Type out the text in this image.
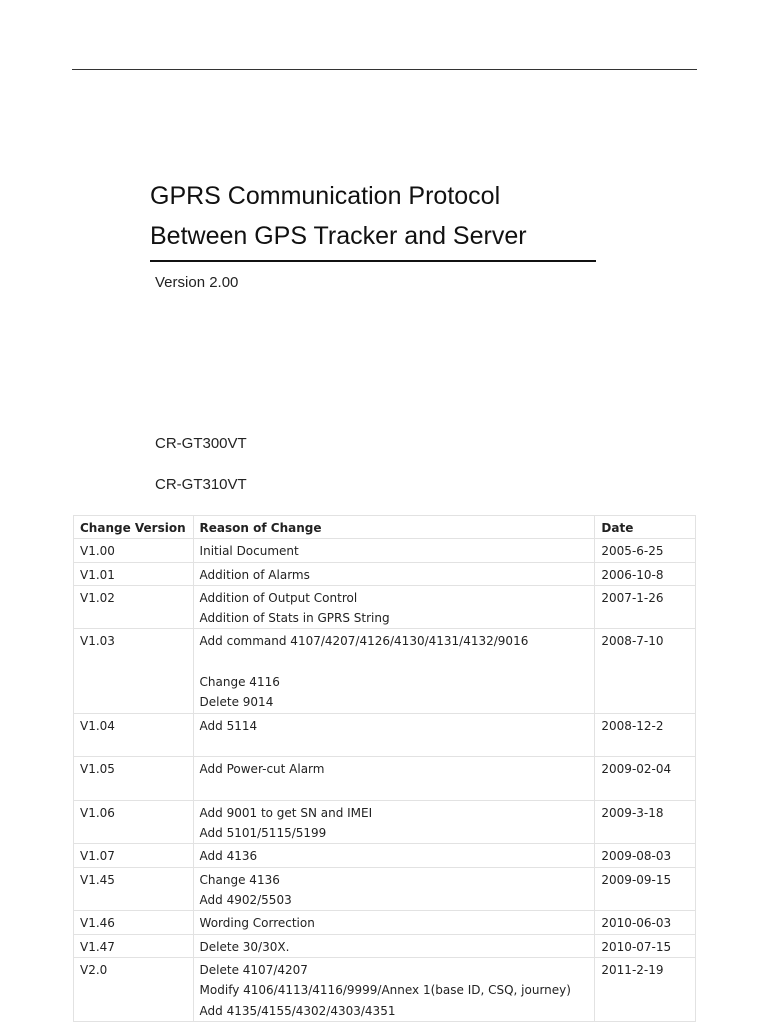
GPRS Communication Protocol
Between GPS Tracker and Server
Version 2.00
CR-GT300VT
CR-GT310VT
Change Version	Reason of Change	Date
V1.00	Initial Document	2005-6-25
V1.01	Addition of Alarms	2006-10-8
V1.02	Addition of Output Control
Addition of Stats in GPRS String	2007-1-26
V1.03	Add command 4107/4207/4126/4130/4131/4132/9016
Change 4116
Delete 9014	2008-7-10
V1.04	Add 5114	2008-12-2
V1.05	Add Power-cut Alarm	2009-02-04
V1.06	Add 9001 to get SN and IMEI
Add 5101/5115/5199	2009-3-18
V1.07	Add 4136	2009-08-03
V1.45	Change 4136
Add 4902/5503	2009-09-15
V1.46	Wording Correction	2010-06-03
V1.47	Delete 30/30X.	2010-07-15
V2.0	Delete 4107/4207
Modify 4106/4113/4116/9999/Annex 1(base ID, CSQ, journey)
Add 4135/4155/4302/4303/4351	2011-2-19
